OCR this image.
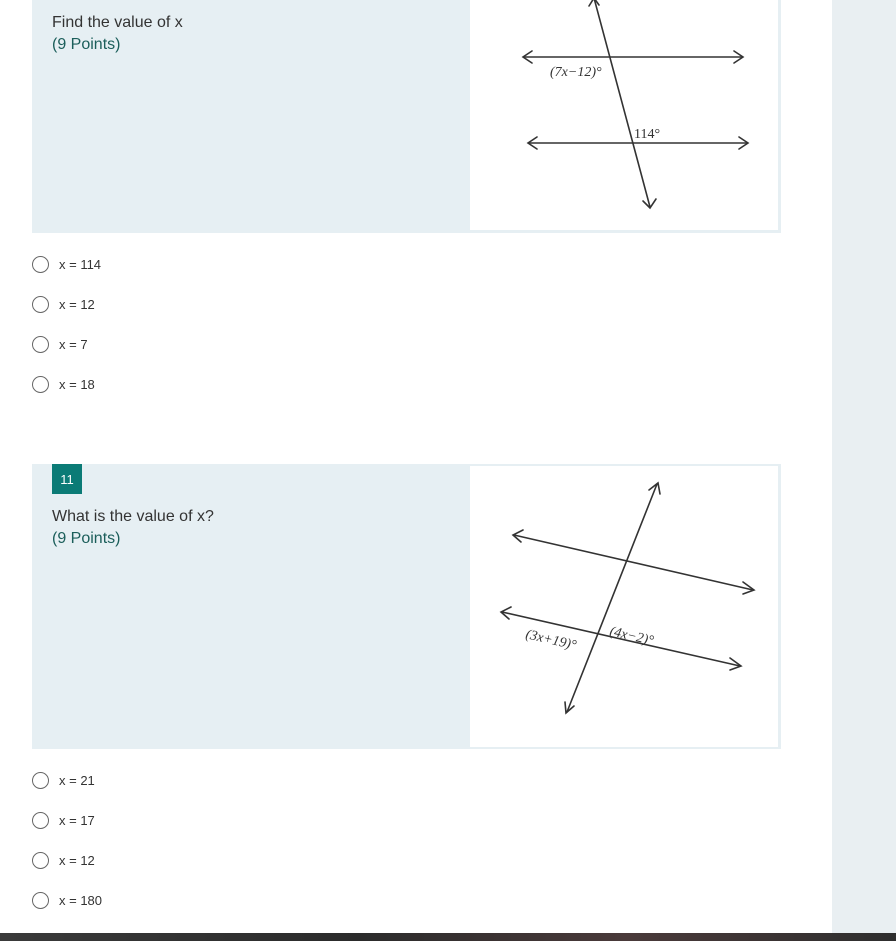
Find the value of x
(9 Points)
(7x−12)°
114°
x = 114
x = 12
x = 7
x = 18
11
What is the value of x?
(9 Points)
(4x−2)°
(3x+19)°
x = 21
x = 17
x = 12
x = 180
